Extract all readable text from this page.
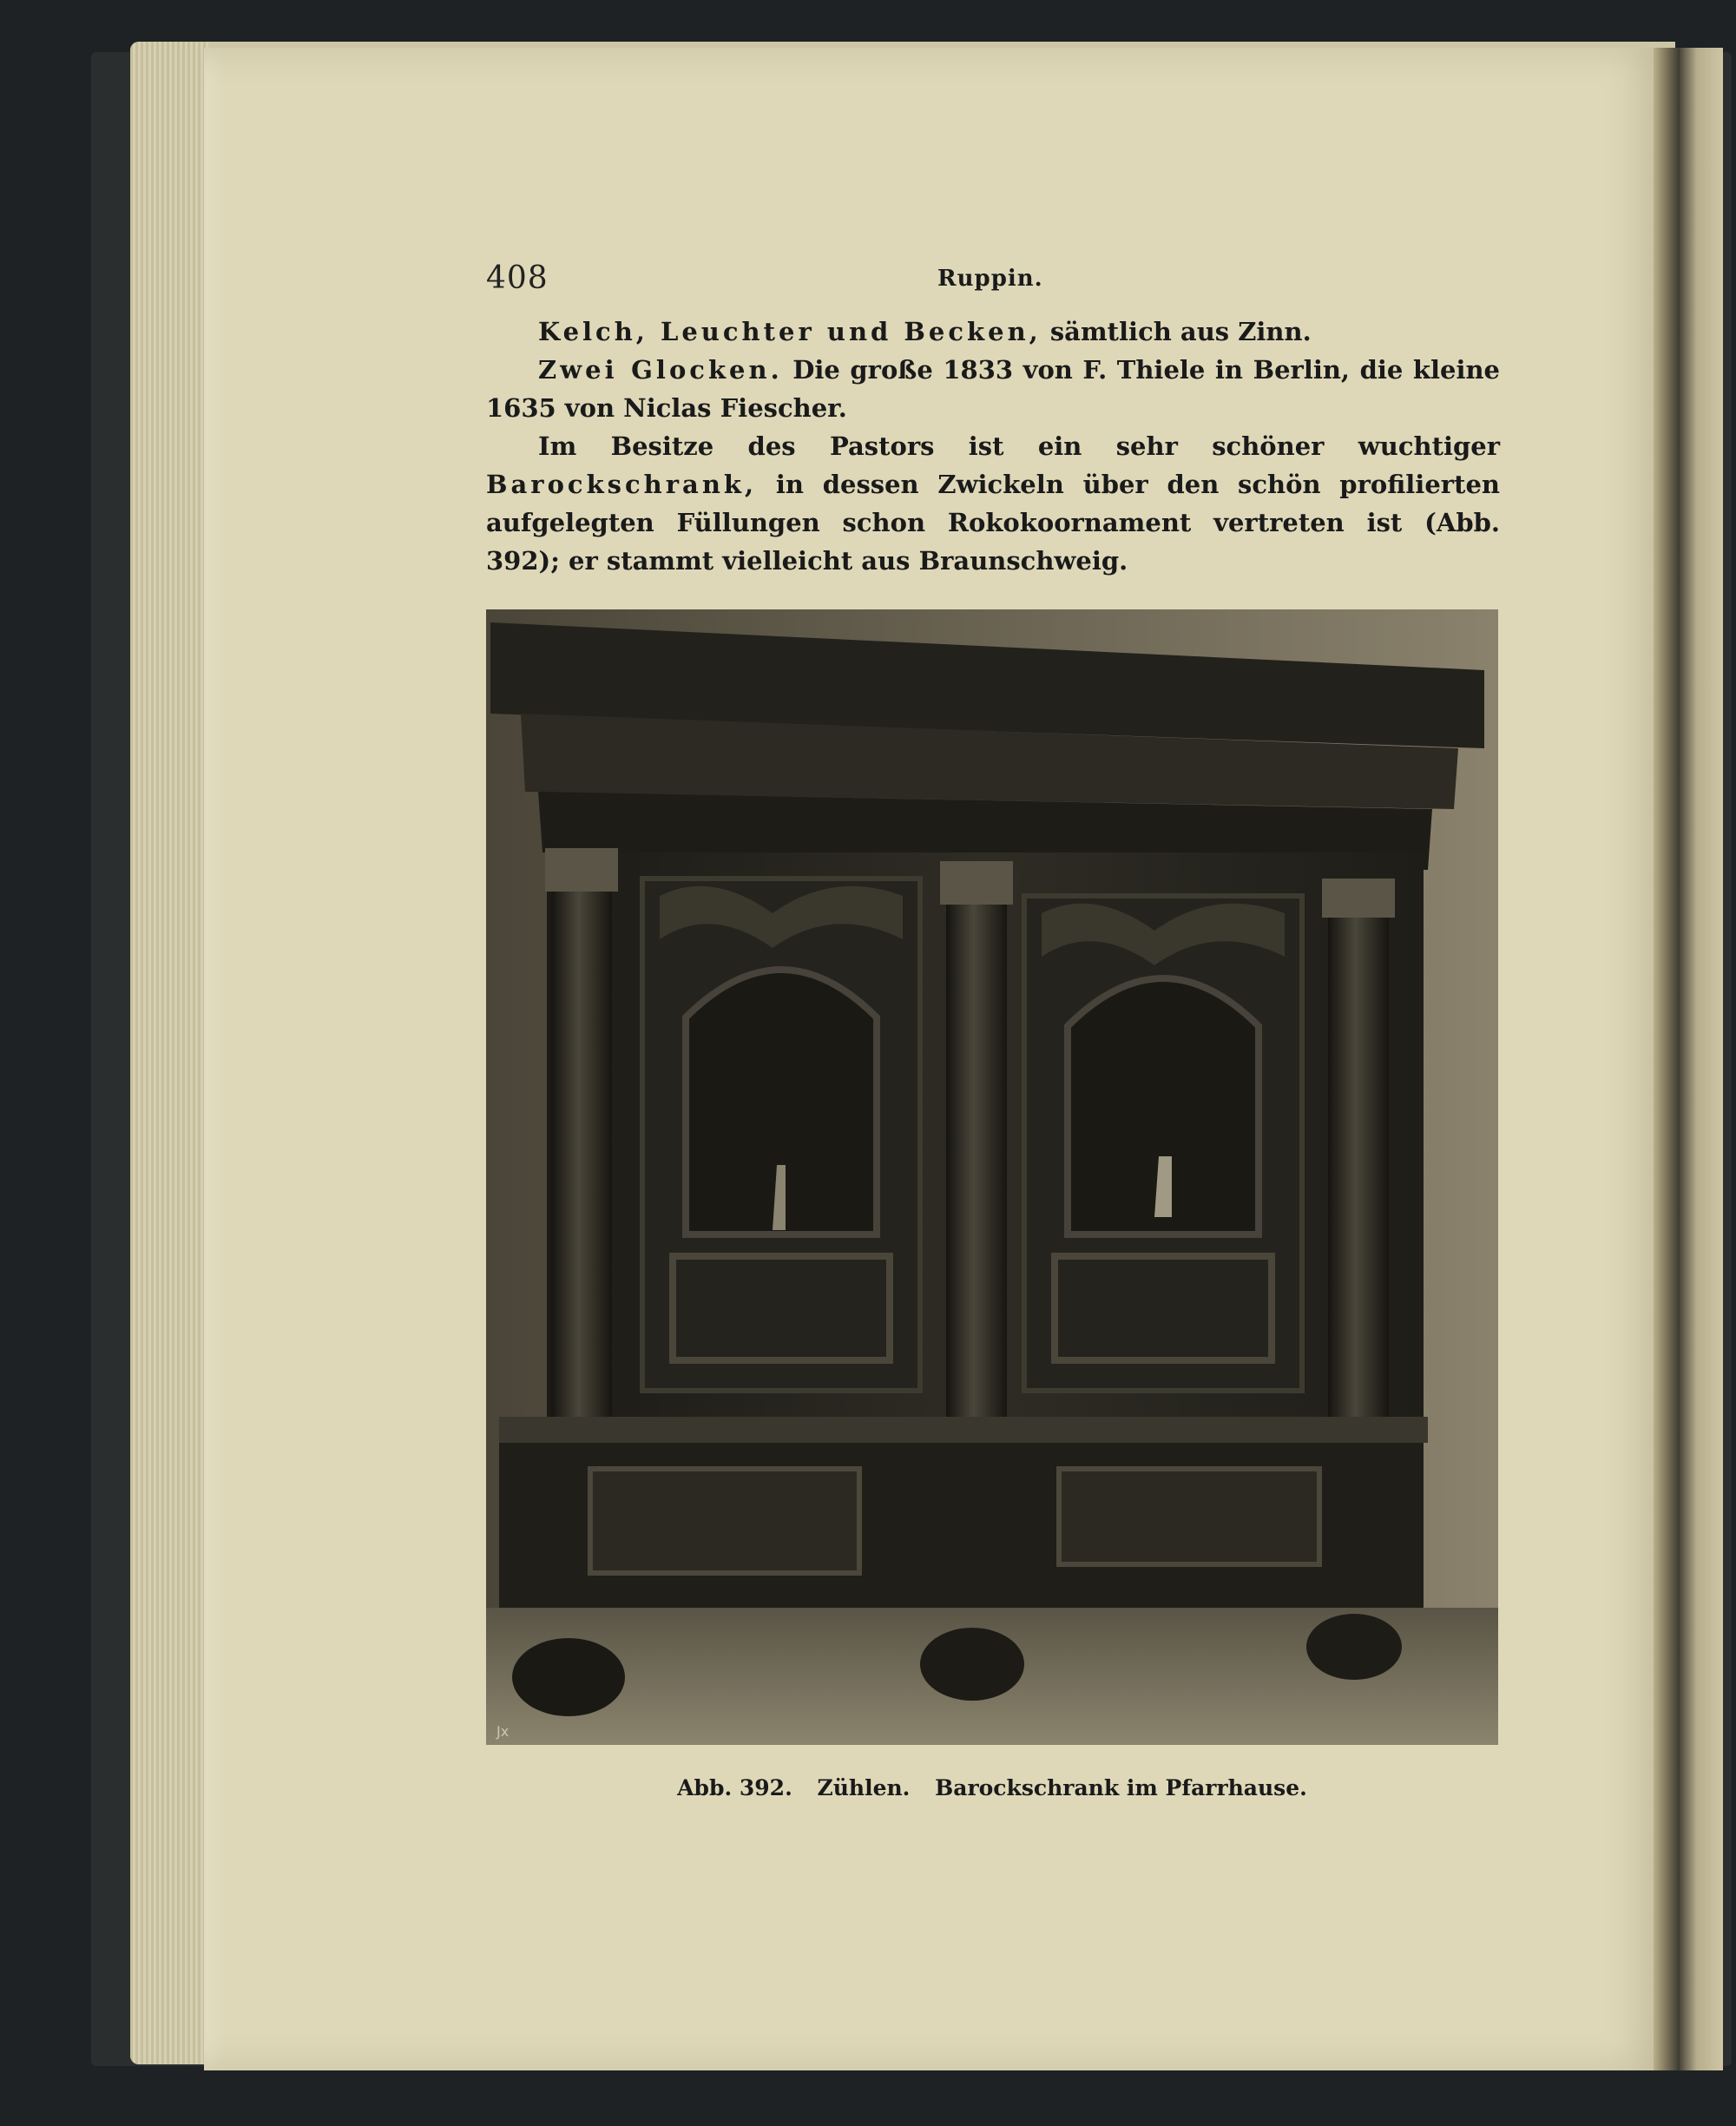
408	Ruppin.

Kelch, Leuchter und Becken, sämtlich aus Zinn.

Zwei Glocken. Die große 1833 von F. Thiele in Berlin, die kleine 1635 von Niclas Fiescher.

Im Besitze des Pastors ist ein sehr schöner wuchtiger Barockschrank, in dessen Zwickeln über den schön profilierten aufgelegten Füllungen schon Rokokoornament vertreten ist (Abb. 392); er stammt vielleicht aus Braunschweig.

Jx
Abb. 392. Zühlen. Barockschrank im Pfarrhause.
